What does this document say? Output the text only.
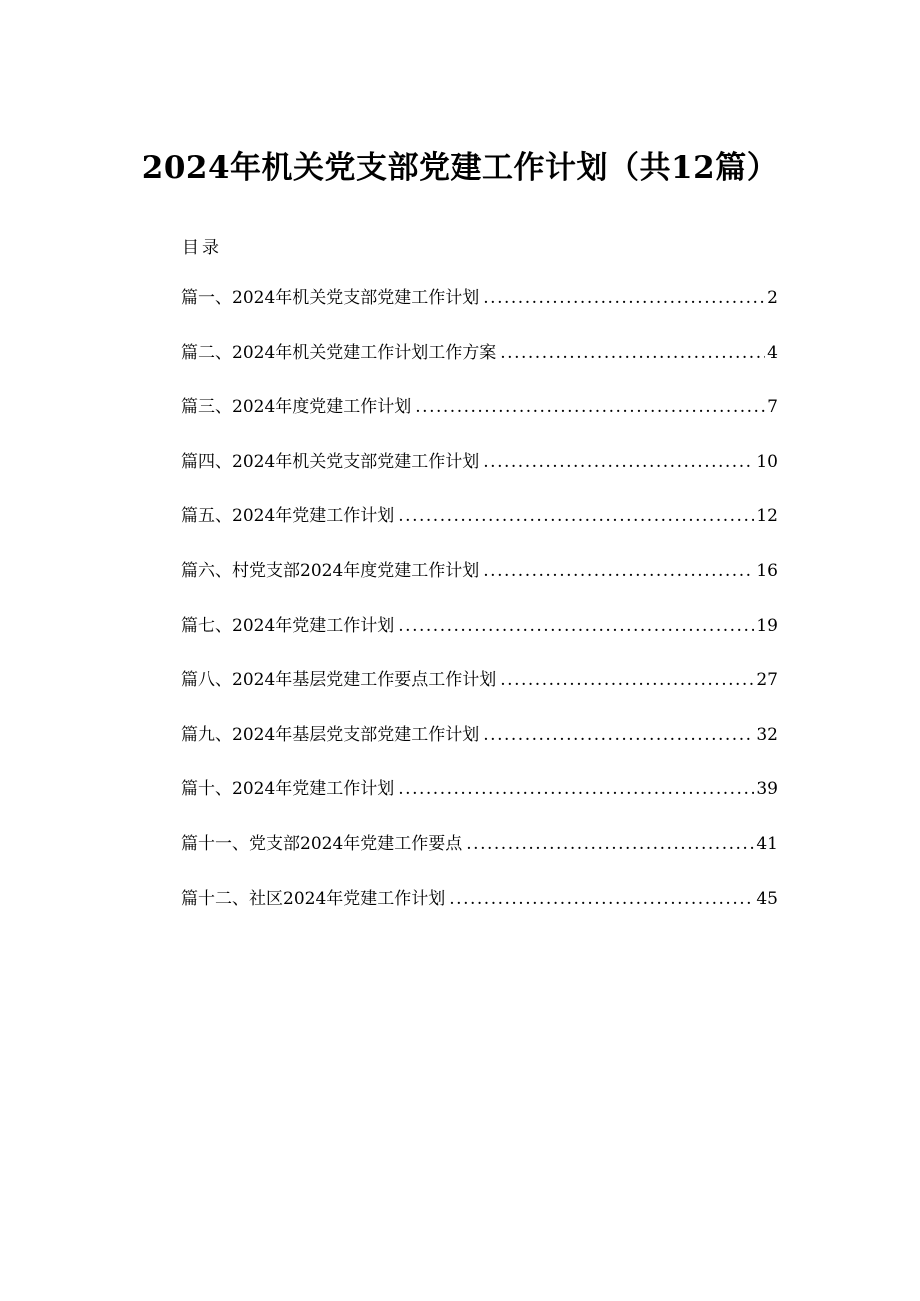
2024年机关党支部党建工作计划（共12篇）
目录
篇一、2024年机关党支部党建工作计划 .....	2
篇二、2024年机关党建工作计划工作方案 .....	4
篇三、2024年度党建工作计划 .....	7
篇四、2024年机关党支部党建工作计划 .....	10
篇五、2024年党建工作计划 .....	12
篇六、村党支部2024年度党建工作计划 .....	16
篇七、2024年党建工作计划 .....	19
篇八、2024年基层党建工作要点工作计划 .....	27
篇九、2024年基层党支部党建工作计划 .....	32
篇十、2024年党建工作计划 .....	39
篇十一、党支部2024年党建工作要点 .....	41
篇十二、社区2024年党建工作计划 .....	45
